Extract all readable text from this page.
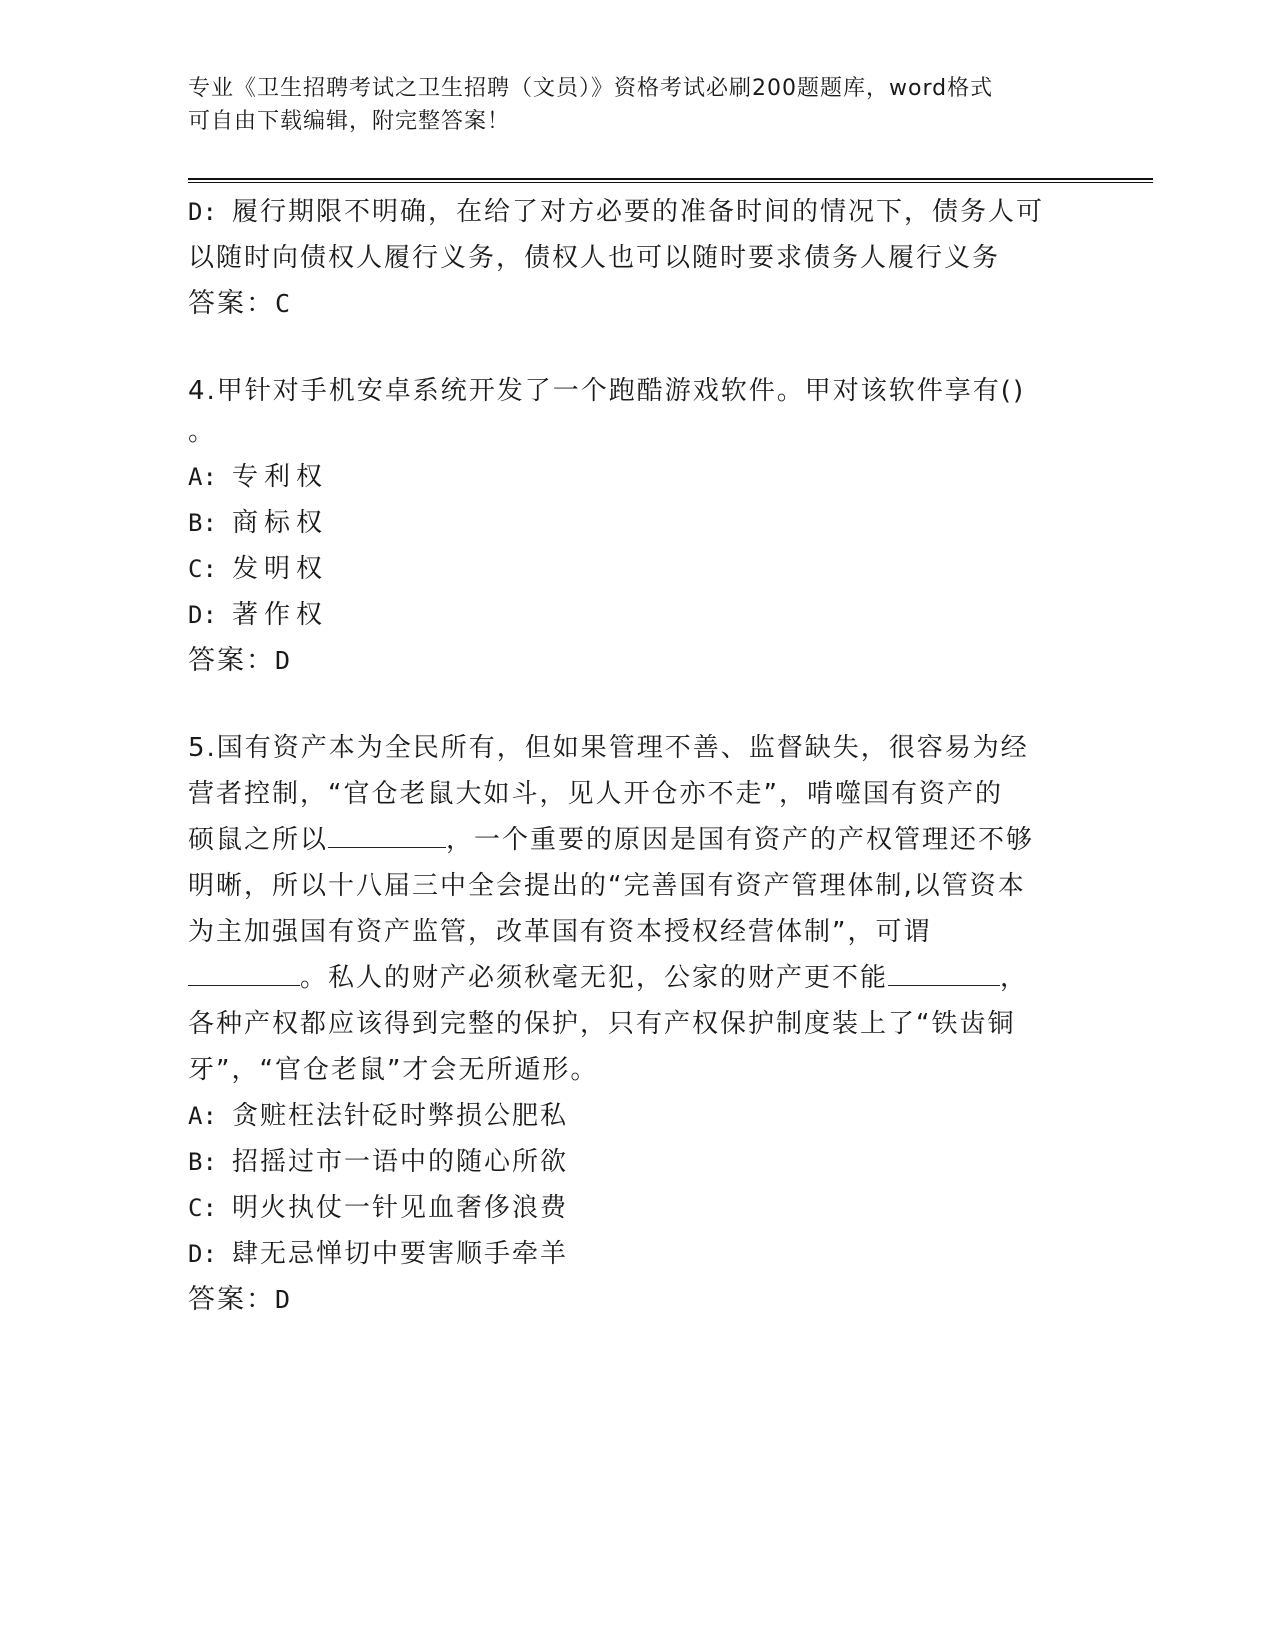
专业《卫生招聘考试之卫生招聘（文员）》资格考试必刷200题题库，word格式
可自由下载编辑，附完整答案！
D: 履行期限不明确，在给了对方必要的准备时间的情况下，债务人可
以随时向债权人履行义务，债权人也可以随时要求债务人履行义务
答案：C
4.甲针对手机安卓系统开发了一个跑酷游戏软件。甲对该软件享有()
。
A: 专利权
B: 商标权
C: 发明权
D: 著作权
答案：D
5.国有资产本为全民所有，但如果管理不善、监督缺失，很容易为经
营者控制，“官仓老鼠大如斗，见人开仓亦不走”，啃噬国有资产的
硕鼠之所以	，一个重要的原因是国有资产的产权管理还不够
明晰，所以十八届三中全会提出的“完善国有资产管理体制,以管资本
为主加强国有资产监管，改革国有资本授权经营体制”，可谓
。私人的财产必须秋毫无犯，公家的财产更不能	，
各种产权都应该得到完整的保护，只有产权保护制度装上了“铁齿铜
牙”，“官仓老鼠”才会无所遁形。
A: 贪赃枉法针砭时弊损公肥私
B: 招摇过市一语中的随心所欲
C: 明火执仗一针见血奢侈浪费
D: 肆无忌惮切中要害顺手牵羊
答案：D
